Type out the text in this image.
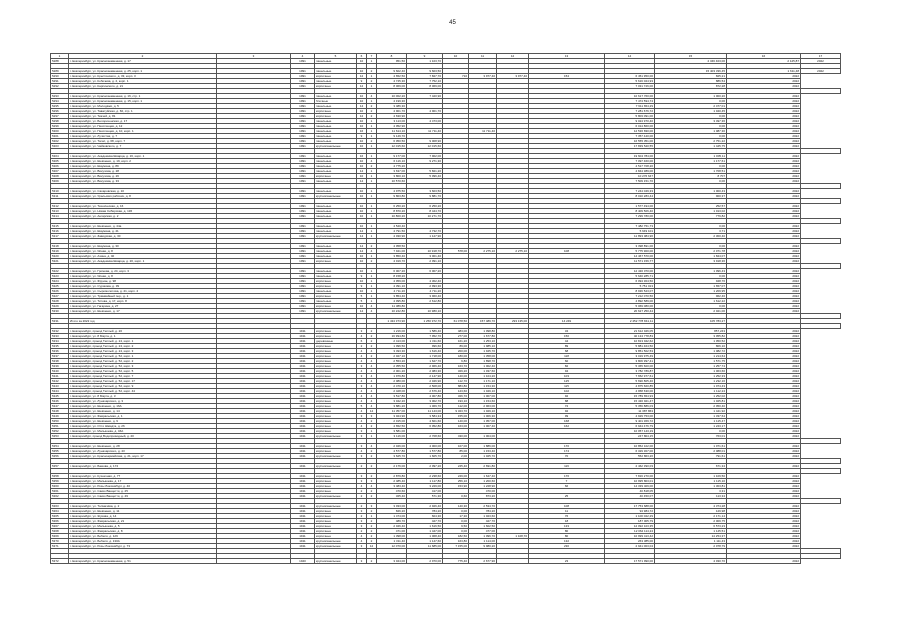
45
1	2	3	4	5	6	7	8	9	10	11	12	13	14	15	16	17
5288	г. Екатеринбург, ул. Краснознаменная, д. 17		1991	панельные	10	1	951,50	1 103,70						2 346 403,00	2 125,87	2022

5289	г. Екатеринбург, ул. Краснознаменная, д. 25, корп. 1		1991	панельные	10	2	9 602,40	9 603,50						15 403 336,45	1 611,48	2022
5290	г. Екатеринбург, ул. Крестинского, д. 33, корп. 3		1991	кирпичные	12	1	4 652,50	7 827,70	710	3 977,40	3 977,40	154	6 451 950,00	825,21	2022	
5291	г. Екатеринбург, ул. Кобозева, д. 2, корп. 1		1991	панельные	9	2	4 745,30	7 752,10					5 616 024,93	886,54	2022	
5292	г. Екатеринбург, ул. Карпинского, д. 21		1991	кирпичные	12	1	8 069,00	8 069,00					7 031 726,00	872,28	2022	

5293	г. Екатеринбург, ул. Краснознаменная, д. 16, стр. 1		1991	панельные	10	4	10 002,20	7 420,90					10 617 760,00	1 000,20	2022	
5294	г. Екатеринбург, ул. Краснознаменная, д. 15, корп. 1		1991	блочные	10	1	4 199,30						7 474 594,74	0,00	2022	
5295	г. Екатеринбург, ул. Молодёжи, д. 5		1991	панельные	14	2	3 486,30						7 611 654,29	2 477,01	2022	
5296	г. Екатеринбург, ул. Таватуйская, д. 60, стр. 1		1991	кирпичные	10	2	4 901,70	4 901,70					7 281 676,72	1 040,45	2022	
5297	г. Екатеринбург, ул. Ткачей, д. 81		1991	кирпичные	12	2	4 630,90						5 803 091,00	0,00	2022	
5298	г. Екатеринбург, ул. Белореченская, д. 17		1991	панельные	10	1	3 113,00	4 473,00					9 024 970,40	3 497,36	2022	
5299	г. Екатеринбург, ул. Пехотинцев, д. 12		1991	панельные	10	1	4 052,90						6 014 860,00	0,00	2022	
5300	г. Екатеринбург, ул. Пехотинцев, д. 10, корп. 1		1991	панельные	16	1	11 614,10	11 711,40		11 711,40			12 536 830,00	1 087,30	2022	
5301	г. Екатеринбург, ул. Лучистая, д. 7		1991	панельные	9	1	9 149,70						7 357 440,00	0,00	2022	
5302	г. Екатеринбург, ул. Тагил, д. 68, корп. 7		1991	панельные	10	2	6 050,50	9 008,90					16 555 351,00	2 751,22	2022	
5303	г. Екатеринбург, ул. Чайковского, д. 7		1991	крупнопанельные	10	1	12 015,60	12 015,60					17 839 540,55	1 445,75	2022	

5304	г. Екатеринбург, ул. Академика Шварца, д. 16, корп. 1		1991	панельные	16	1	9 177,00	7 902,00					19 604 784,00	1 005,11	2022	
5305	г. Екатеринбург, ул. Шевченко, д. 19, корп. 2		1991	панельные	10	4	6 116,10	9 271,30					7 097 460,00	1 177,61	2022	
5306	г. Екатеринбург, ул. Шаумяна, д. 89		1991	панельные	10	2	4 775,20						4 517 708,20	0,00	2022	
5307	г. Екатеринбург, ул. Викулова, д. 28		1991	панельные	14	1	3 637,00	5 821,20					4 844 389,00	1 708,51	2022	
5308	г. Екатеринбург, ул. Викулова, д. 26		1991	кирпичные	10	1	3 800,10	5 096,40					10 276 647	8 707	2022	
5309	г. Екатеринбург, ул. Викулова, д. 33		1991	панельные	14	1	10 570,60						7 509 151,70	0,00	2022	

5310	г. Екатеринбург, ул. Сахаровская, д. 10		1991	панельные	10	1	4 975,50	3 603,50					7 244 049,33	1 000,43	2022	
5311	г. Екатеринбург, ул. Уральских рабочих, д. 8		1991	крупнопанельные	10	1	9 803,80	9 881,70					8 010 283,44	900,37	2022	

5312	г. Екатеринбург, ул. Техническая, д. 16		1991	панельные	10	1	6 250,20	6 250,20					1 577 494,00	252,57	2022	
5313	г. Екатеринбург, ул. Новая Сибирская, д. 136		1991	панельные	10	1	8 870,20	8 444,70					8 409 506,40	1 013,02	2022	
5314	г. Екатеринбург, ул. Ангарская, д. 2		1991	панельные	10	1	10 800,20	10 271,70					7 299 780,00	779,82	2022	

5315	г. Екатеринбург, ул. Шевченко, д. 44а		1991	панельные	10	1	4 540,40						7 482 751,73	0,00	2022	
5316	г. Екатеринбург, ул. Шаумяна, д. 41		1991	панельные	14	1	4 791,50	4 732,70					5 649 101	3,71	2022	
5317	г. Екатеринбург, ул. Заводская, д. 30		1991	крупнопанельные	14	1	4 030,90	1 127,90					11 893 084,96	2 300,40	2022	

5318	г. Екатеринбург, ул. Шаумяна, д. 30		1991	панельные	14	2	4 058,50						3 398 891,00	0,00	2022	
5319	г. Екатеринбург, ул. Ясная, д. 8		1991	панельные	14	4	7 941,00	10 918,70	578,00	2 275,10	2 275,10	108	5 775 900,00	2 071,78	2022	
5320	г. Екатеринбург, ул. Азина, д. 40		1991	панельные	10	1	3 850,40	3 001,40					14 467 570,00	1 844,07	2022	
5321	г. Екатеринбург, ул. Академика Шварца, д. 20, корп. 1		1991	кирпичные	10	2	4 019,70	2 091,10					11 571 156,77	3 918,36	2022	

5322	г. Екатеринбург, ул. Громова, д. 24, корп. 3		1991	панельные	10	1	6 007,20	6 007,20					12 430 070,00	1 096,43	2022	
5323	г. Екатеринбург, ул. Ясная, д. 8		1991	панельные	9	1	8 158,20						5 640 285,71	0,00	2022	
5324	г. Екатеринбург, ул. Фрунзе, д. 98		1991	кирпичные	10	1	4 059,00	4 302,40					6 094 304,50	948,76	2022	
5325	г. Екатеринбург, ул. Сурикова, д. 39		1991	кирпичные	9	1	4 391,10	2 993,30					5 751 013	1 657,07	2022	
5326	г. Екатеринбург, ул. Сыромолотова, д. 21, корп. 4		1991	панельные	10	1	4 711,20	4 711,20					8 936 523,07	1 209,95	2022	
5327	г. Екатеринбург, ул. Трамвайный пер., д. 1		1991	кирпичные	5	1	3 854,40	3 960,40					7 212 070,56	962,46	2022	
5328	г. Екатеринбург, ул. Титова, д. 17, корп. 8		1991	панельные	5	1	4 095,80	2 612,80					4 892 589,00	1 612,22	2022	
5329	г. Екатеринбург, ул. Гагарина, д. 27		1991	кирпичные	10	4	11 389,80						5 069 080,00	0,00	2022	
5330	г. Екатеринбург, ул. Шевченко, д. 17		1991	крупнопанельные	14	4	10 222,80	10 980,10					20 627 250,44	2 021,00	2022	

5331	Итого за 2022 год						1 434 373,90	1 250 972,70	61 078,50	157 489,70	293 135,00	14 249	2 452 778 841,11	105 783,27		

5332	г. Екатеринбург, проезд Теплый, д. 20		1911	кирпичные	3	2	1 216,00	1 586,40	483,00	1 098,80		34	21 612 946,05	857,243	2022	
5333	г. Екатеринбург, ул. 8 Марта, д. 1		1911	кирпичные	4	2	16 994,80	7 952,70	277,00	1 677,80		150	40 134 778,83	3 055,82	2022	
5334	г. Екатеринбург, проезд Теплый, д. 24, корп. 1		1911	деревянные	6	2	2 413,00	1 311,60	161,20	1 253,10		44	10 813 942,62	1 050,52	2022	
5335	г. Екатеринбург, проезд Теплый, д. 24, корп. 2		1911	кирпичные	2	2	1 096,50	996,60	89,00	1 985,10		89	5 881 464,50	806,10	2022	
5336	г. Екатеринбург, проезд Теплый, д. 24, корп. 3		1911	кирпичные	4	4	3 493,30	1 616,40	200,00	1 945,70		68	9 851 502,53	1 082,72	2022	
5337	г. Екатеринбург, проезд Теплый, д. 52, корп. 1		1911	кирпичные	4	2	2 027,10	1 718,00	180,00	1 358,00		118	3 019 975,49	1 214,64	2022	
5338	г. Екатеринбург, проезд Теплый, д. 52, корп. 2		1911	кирпичные	4	4	2 553,20	1 627,70	9,80	1 898,70		60	3 806 997,41	1 571,75	2022	
5339	г. Екатеринбург, проезд Теплый, д. 52, корп. 3		1911	кирпичные	3	4	2 355,50	2 966,40	163,70	1 002,40		82	5 365 600,00	1 257,74	2022	
5340	г. Екатеринбург, проезд Теплый, д. 52, корп. 5		1911	кирпичные	4	4	2 001,20	2 083,30	329,20	1 037,60		94	3 782 789,87	1 063,66	2022	
5341	г. Екатеринбург, проезд Теплый, д. 52, корп. 7		1911	кирпичные	3	4	1 979,80	2 147,90	140,00	1 104,20		103	7 652 977,61	1 252,33	2022	
5342	г. Екатеринбург, проезд Теплый, д. 52, корп. 17		1911	кирпичные	4	4	2 080,00	2 046,90	112,70	1 171,10		125	5 690 805,46	1 232,16	2022	
5343	г. Екатеринбург, проезд Теплый, д. 52, корп. 9		1911	кирпичные	3	4	2 470,10	2 508,00	883,80	1 154,30		115	4 875 660,85	1 074,43	2022	
5344	г. Екатеринбург, проезд Теплый, д. 52, корп. 44		1911	кирпичные	4	4	2 428,00	2 676,40	123,60	1 049,10		102	4 958 630,00	1 112,24	2022	
5345	г. Екатеринбург, ул. 8 Марта, д. 3		1911	кирпичные	4	4	3 517,80	4 007,80	326,70	1 007,00		92	15 789 654,93	1 252,02	2022	
5346	г. Екатеринбург, ул. Луначарского, д. 3		1911	кирпичные	4	4	3 042,20	3 002,70	193,10	1 154,60		88	15 430 921,47	1 025,81	2022	
5347	г. Екатеринбург, ул. Шевченко, д. 16А		1911	кирпичные	5	4	3 881,20	1 069,70	112,00	2 963,00		72	5 356 886,03	2 050,40	2022	
5348	г. Екатеринбург, ул. Шевченко, д. 14		1911	кирпичные	4	14	11 357,00	11 143,00	9 323,70	1 029,10		92	11 387 863	1 441,92	2022	
5349	г. Екатеринбург, ул. Февральская, д. 1		1911	кирпичные	3	3	3 024,90	3 584,34	155,00	1 006,30		99	4 929 753,00	1 337,64	2022	
5350	г. Екатеринбург, ул. Шевченко, д. 9		1911	кирпичные	4	2	2 015,00	4 601,60	140,00	1 057,00		168	9 401 369,72	1 115,47	2022	
5351	г. Екатеринбург, ул. Отто Шмидта, д. 26		1911	кирпичные	4	2	4 652,50	6 052,80	163,00	1 007,40		162	6 944 476,79	1 243,17	2022	
5352	г. Екатеринбург, ул. Малышева, д. 46А		1911	кирпичные	3	1	3 581,00						10 057 143,19	0,00	2022	
5353	г. Екатеринбург, проезд Водопроводный, д. 20		1911	крупнопанельные	3	1	3 116,00	2 708,60	430,00	1 004,00			247 804,15	763,01	2022	

5354	г. Екатеринбург, ул. Шевченко, д. 28		1911	кирпичные	3	4	2 046,00	4 000,00	107,00	1 886,00		170	10 852 102,00	1 071,61	2022	
5355	г. Екатеринбург, ул. Луначарского, д. 43		1911	кирпичные	4	2	4 577,80	1 577,80	85,00	1 153,40		174	6 329 307,00	2 088,01	2022	
5356	г. Екатеринбург, ул. Красноармейская, д. 21, корп. 17		1911	крупнопанельные	3	2	3 625,70	1 605,70	2,00	1 025,70		70	552 863,26	791,61	2022	

5357	г. Екатеринбург, ул. Бажова, д. 174		1911	крупнопанельные	2	2	2 176,00	2 097,20	245,40	2 691,80		116	2 462 390,03	671,34	2022	

5358	г. Екатеринбург, ул. Кузнечная, д. 77		1911	кирпичные	3	2	2 879,80	2 238,60	249,00	1 647,40		176	7 816 270,00	1 109,50	2022	
5359	г. Екатеринбург, ул. Малышева, д. 17		1911	кирпичные	3	3	2 485,40	1 117,80	256,10	1 200,60		7	10 995 803,01	1 115,10	2022	
5360	г. Екатеринбург, ул. Розы Люксембург, д. 40		1911	кирпичные	4	4	3 483,40	3 229,00	153,90	1 228,90		66	14 339 409,00	1 303,81	2022	
5361	г. Екатеринбург, ул. Сакко Ванцетти, д. 25		1911	кирпичные	2	2	470,60	417,00		470,00			40 818,05	3,31	2022	
5362	г. Екатеринбург, ул. Сакко Ванцетти, д. 49		1911	крупнопанельные	2	2	325,40	571,30	0,60	873,20		25	40 450,07	113,34	2022	

5363	г. Екатеринбург, ул. Толмачёва, д. 2		1911	крупнопанельные	2	3	3 033,00	2 926,40	140,30	2 534,70		108	17 753 688,00	4 374,28	2022	
5364	г. Екатеринбург, ул. Шевченко, д. 11		1911	кирпичные	3	2	846,20	784,20	0,00	784,20		11	94 984,72	129,98	2022	
5365	г. Екатеринбург, ул. Жукова, д. 14		1911	кирпичные	2	1	1 474,00	604,30	17,30	1 023,60		76	1 100 022,29	2 171,14	2022	
5366	г. Екатеринбург, ул. Февральская, д. 21		1911	кирпичные	3	2	489,70	427,70	0,00	427,70		18	187 005,79	2 009,75	2022	
5367	г. Екатеринбург, ул. Малышева, д. 5		1911	кирпичные	3	2	2 046,40	1 616,50	9,50	1 602,50		133	12 092 103,35	6 573,23	2022	
5368	г. Екатеринбург, ул. Февральская, д. 8		1911	кирпичные	2	2	471,00	1 447,00	0,00	477,00		80	12 064 114,24	1 145,51	2022	
5369	г. Екатеринбург, ул. Бебеля, д. 129		1911	кирпичные	4	2	1 398,00	1 068,40	182,50	1 096,70	1 108,70	80	10 999 413,42	14 254,37	2022	
5370	г. Екатеринбург, ул. Бебеля, д. 130А		1911	крупнопанельные	4	2	1 311,40	1 147,60	163,80	1 114,00		132	263 385,00	1 111,43	2022	
5371	г. Екатеринбург, ул. Розы Люксембург, д. 73		1911	крупнопанельные	3	12	12 070,00	11 685,00	7 155,00	9 980,20		230	2 941 003,04	2 078,79	2022	

5372	г. Екатеринбург, ул. Краснознаменная, д. 51		1940	крупнопанельные	3	2	3 044,00	2 970,00	775,40	2 677,90		23	17 571 990,00	4 030,70	2022	
